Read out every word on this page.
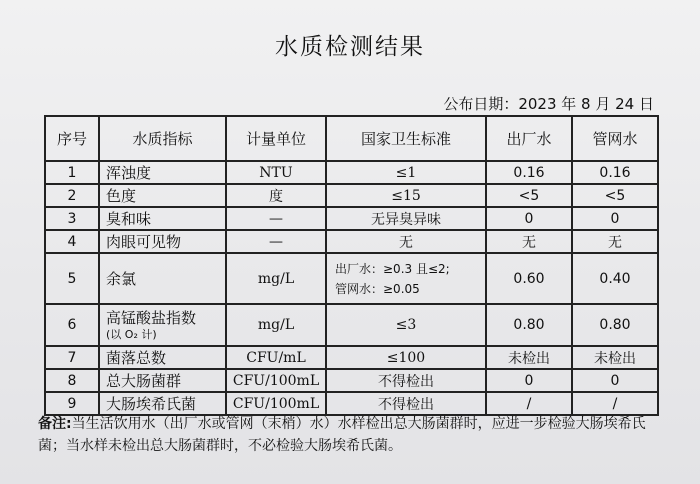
水质检测结果
公布日期：2023 年 8 月 24 日
序号	水质指标	计量单位	国家卫生标准	出厂水	管网水
1	浑浊度	NTU	≤1	0.16	0.16
2	色度	度	≤15	<5	<5
3	臭和味	—	无异臭异味	0	0
4	肉眼可见物	—	无	无	无
5	余氯	mg/L	出厂水：≥0.3 且≤2;
管网水：≥0.05	0.60	0.40
6	高锰酸盐指数
(以 O₂ 计)	mg/L	≤3	0.80	0.80
7	菌落总数	CFU/mL	≤100	未检出	未检出
8	总大肠菌群	CFU/100mL	不得检出	0	0
9	大肠埃希氏菌	CFU/100mL	不得检出	/	/
备注:当生活饮用水（出厂水或管网（末梢）水）水样检出总大肠菌群时，应进一步检验大肠埃希氏菌；当水样未检出总大肠菌群时，不必检验大肠埃希氏菌。
